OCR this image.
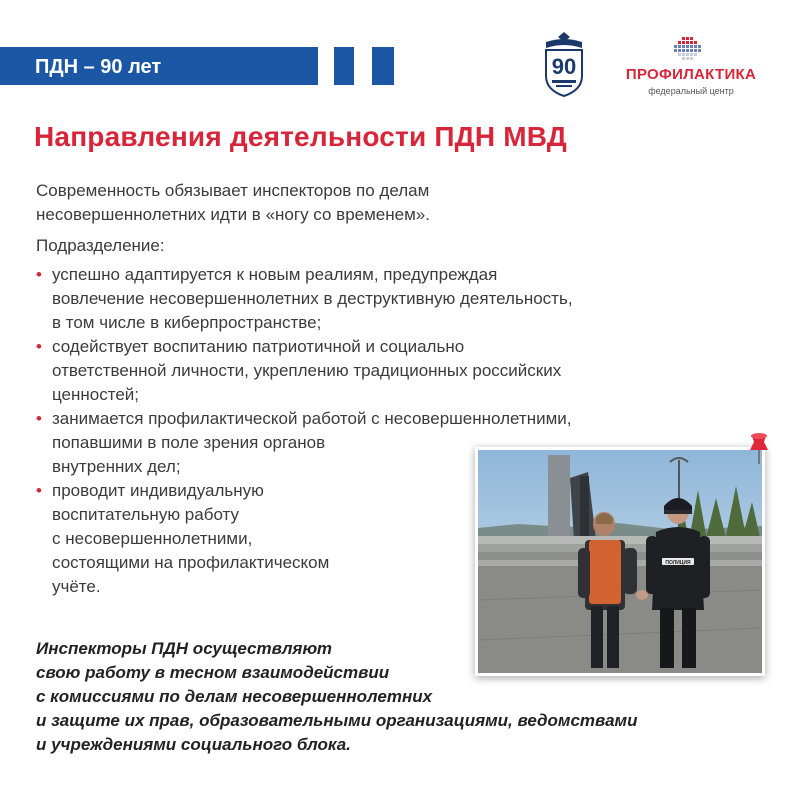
ПДН – 90 лет	90	ПРОФИЛАКТИКА
федеральный центр
Направления деятельности ПДН МВД
Современность обязывает инспекторов по делам
несовершеннолетних идти в «ногу со временем».
Подразделение:
• успешно адаптируется к новым реалиям, предупреждая
вовлечение несовершеннолетних в деструктивную деятельность,
в том числе в киберпространстве;
• содействует воспитанию патриотичной и социально
ответственной личности, укреплению традиционных российских
ценностей;
• занимается профилактической работой с несовершеннолетними,
попавшими в поле зрения органов
внутренних дел;
• проводит индивидуальную
воспитательную работу
с несовершеннолетними,
состоящими на профилактическом
учёте.
ПОЛИЦИЯ
Инспекторы ПДН осуществляют
свою работу в тесном взаимодействии
с комиссиями по делам несовершеннолетних
и защите их прав, образовательными организациями, ведомствами
и учреждениями социального блока.
